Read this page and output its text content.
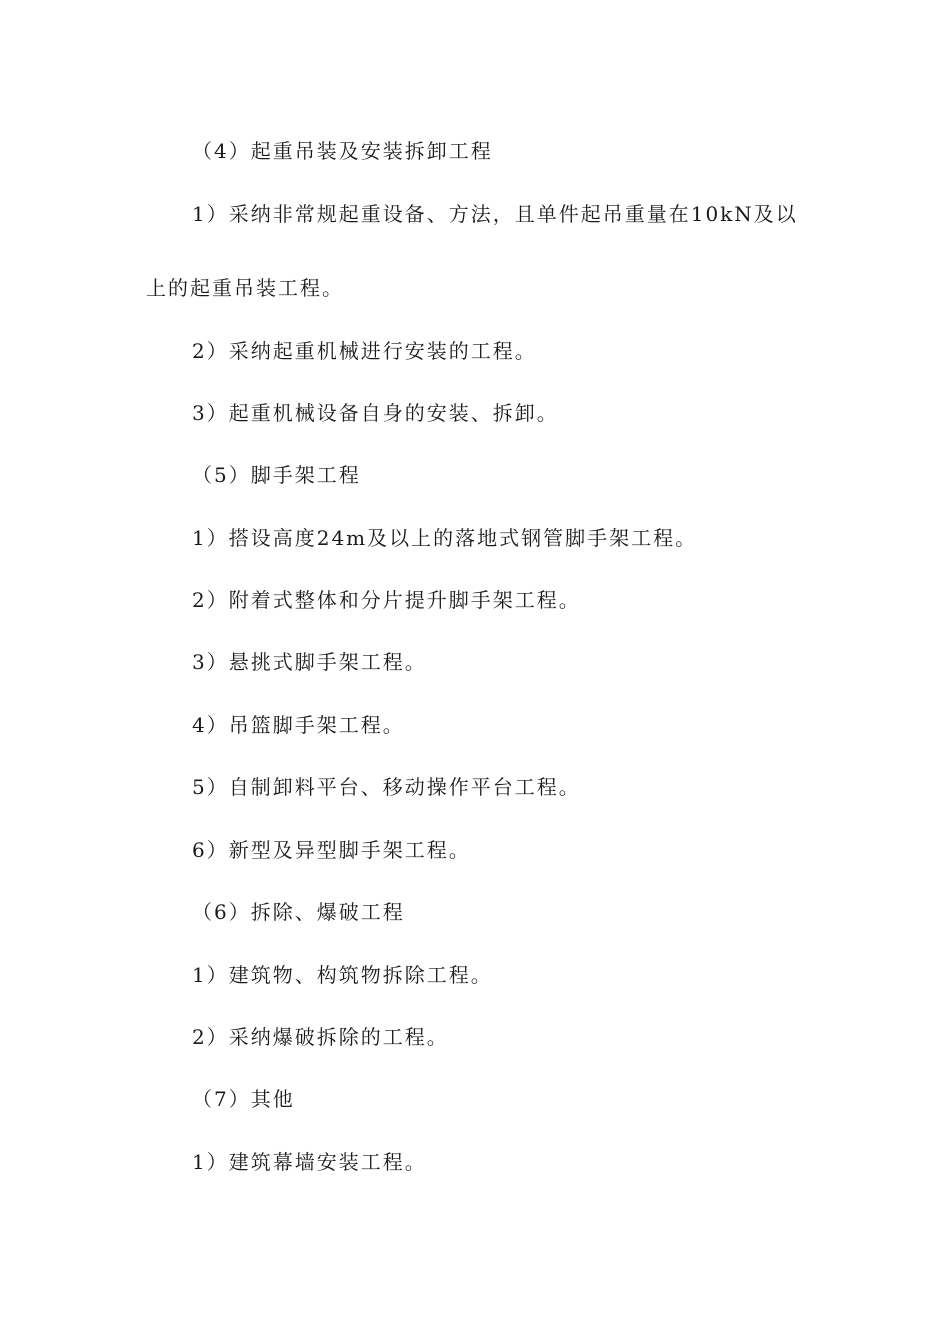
（4）起重吊装及安装拆卸工程
1）采纳非常规起重设备、方法，且单件起吊重量在10kN及以
上的起重吊装工程。
2）采纳起重机械进行安装的工程。
3）起重机械设备自身的安装、拆卸。
（5）脚手架工程
1）搭设高度24m及以上的落地式钢管脚手架工程。
2）附着式整体和分片提升脚手架工程。
3）悬挑式脚手架工程。
4）吊篮脚手架工程。
5）自制卸料平台、移动操作平台工程。
6）新型及异型脚手架工程。
（6）拆除、爆破工程
1）建筑物、构筑物拆除工程。
2）采纳爆破拆除的工程。
（7）其他
1）建筑幕墙安装工程。
